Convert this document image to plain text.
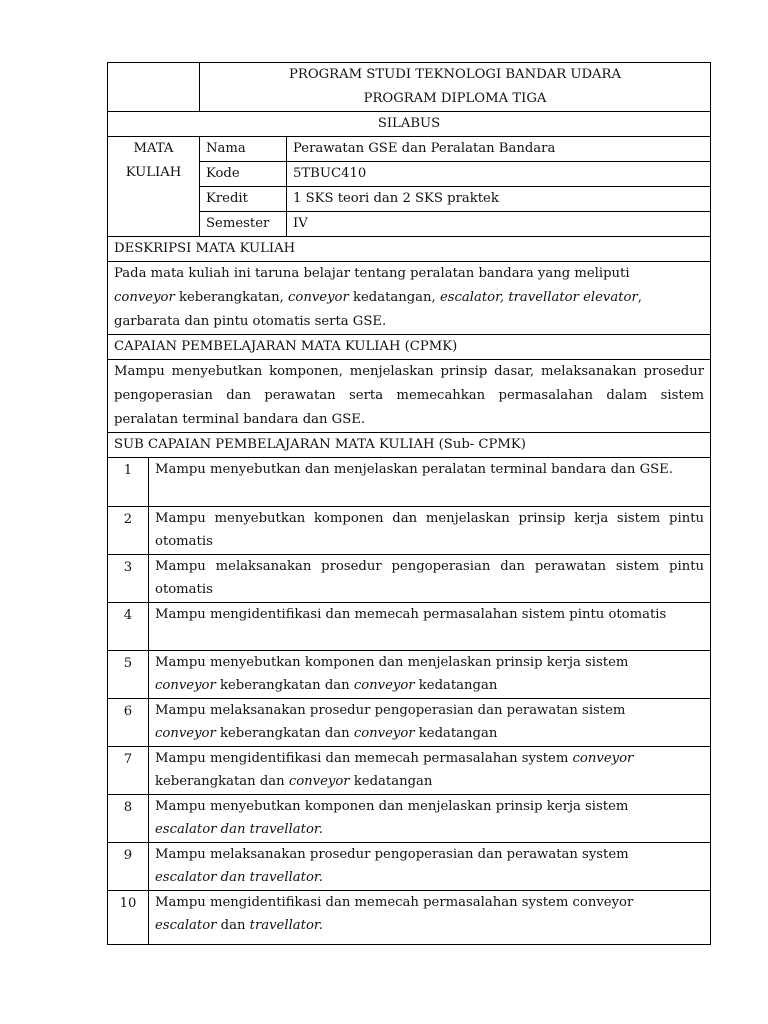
	PROGRAM STUDI TEKNOLOGI BANDAR UDARA
PROGRAM DIPLOMA TIGA	

SILABUS		

MATA
KULIAH	Nama	Perawatan GSE dan Peralatan Bandara
	Kode	5TBUC410
	Kredit	1 SKS teori dan 2 SKS praktek
	Semester	IV
DESKRIPSI MATA KULIAH		

Pada mata kuliah ini taruna belajar tentang peralatan bandara yang meliputi
conveyor keberangkatan, conveyor kedatangan, escalator, travellator elevator,
garbarata dan pintu otomatis serta GSE.		

CAPAIAN PEMBELAJARAN MATA KULIAH (CPMK)		
Mampu menyebutkan komponen, menjelaskan prinsip dasar, melaksanakan prosedur pengoperasian dan perawatan serta memecahkan permasalahan dalam sistem peralatan terminal bandara dan GSE.		
SUB CAPAIAN PEMBELAJARAN MATA KULIAH (Sub- CPMK)		
1	Mampu menyebutkan dan menjelaskan peralatan terminal bandara dan GSE.
2	Mampu menyebutkan komponen dan menjelaskan prinsip kerja sistem pintu otomatis
3	Mampu melaksanakan prosedur pengoperasian dan perawatan sistem pintu otomatis
4	Mampu mengidentifikasi dan memecah permasalahan sistem pintu otomatis
5	Mampu menyebutkan komponen dan menjelaskan prinsip kerja sistem
conveyor keberangkatan dan conveyor kedatangan

6	Mampu melaksanakan prosedur pengoperasian dan perawatan sistem
conveyor keberangkatan dan conveyor kedatangan

7	Mampu mengidentifikasi dan memecah permasalahan system conveyor
keberangkatan dan conveyor kedatangan

8	Mampu menyebutkan komponen dan menjelaskan prinsip kerja sistem
escalator dan travellator.

9	Mampu melaksanakan prosedur pengoperasian dan perawatan system
escalator dan travellator.

10	Mampu mengidentifikasi dan memecah permasalahan system conveyor
escalator dan travellator.
